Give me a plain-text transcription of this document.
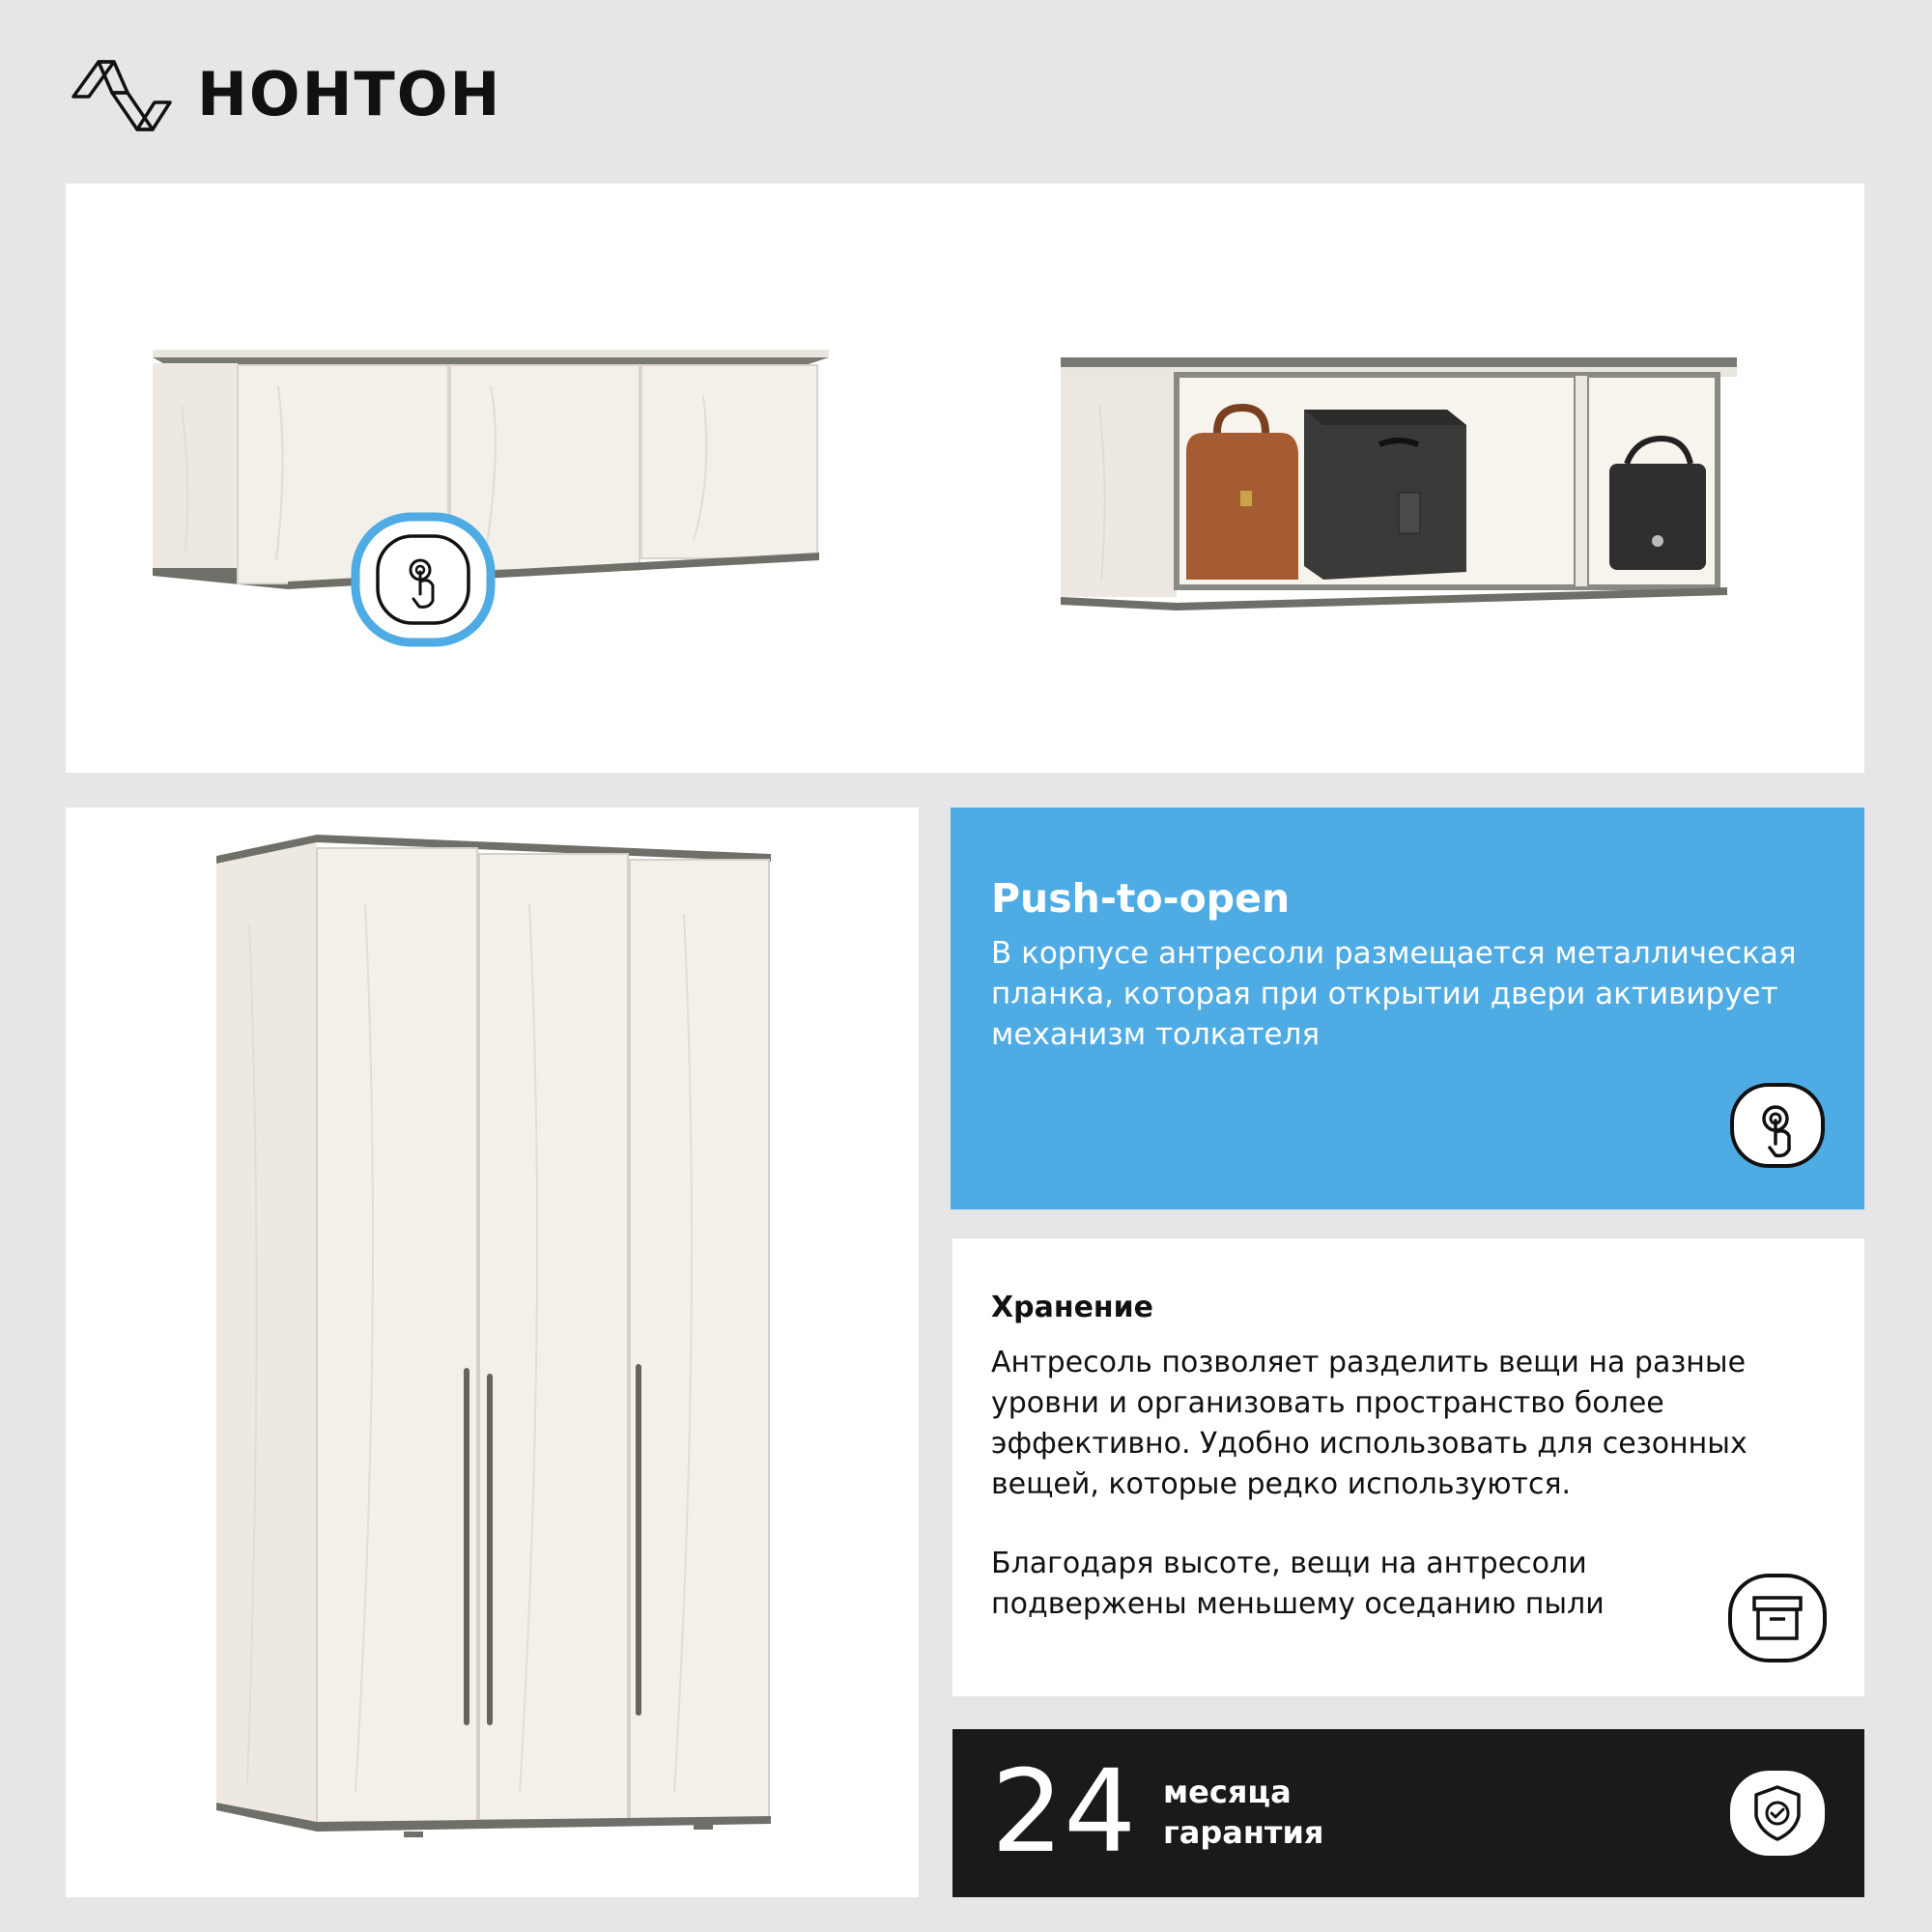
НОНТОН
Push-to-open
В корпусе антресоли размещается металлическая планка, которая при открытии двери активирует механизм толкателя
Хранение
Антресоль позволяет разделить вещи на разные уровни и организовать пространство более эффективно. Удобно использовать для сезонных вещей, которые редко используются.
Благодаря высоте, вещи на антресоли подвержены меньшему оседанию пыли
24 месяца
гарантия
